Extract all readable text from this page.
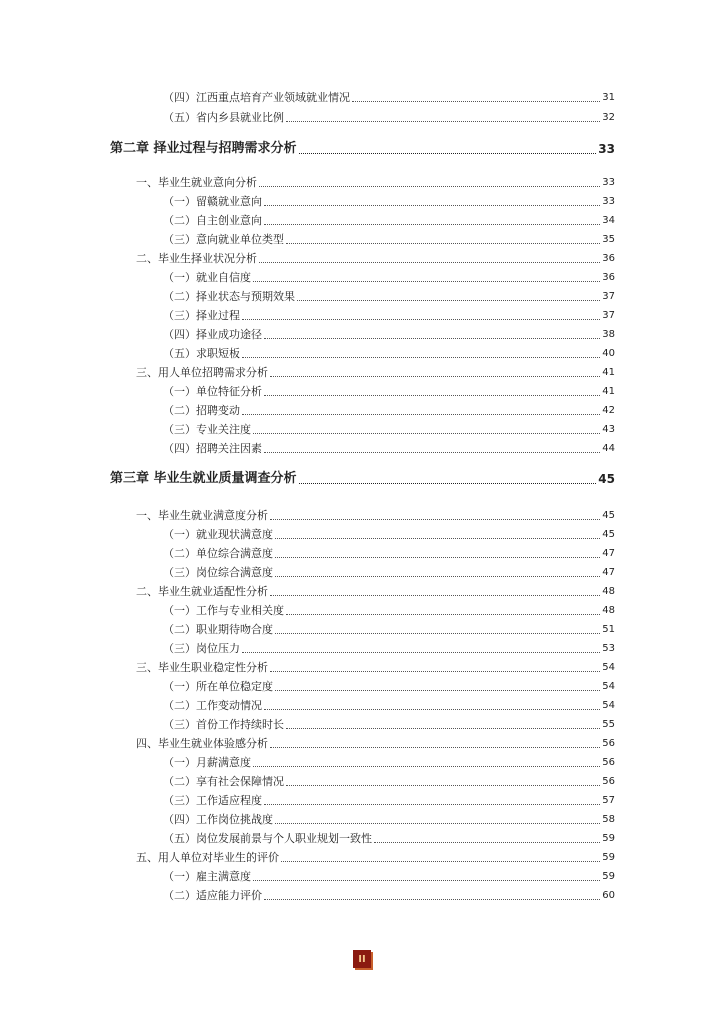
（四）江西重点培育产业领域就业情况	31
（五）省内乡县就业比例	32
第二章 择业过程与招聘需求分析	33
一、毕业生就业意向分析	33
（一）留赣就业意向	33
（二）自主创业意向	34
（三）意向就业单位类型	35
二、毕业生择业状况分析	36
（一）就业自信度	36
（二）择业状态与预期效果	37
（三）择业过程	37
（四）择业成功途径	38
（五）求职短板	40
三、用人单位招聘需求分析	41
（一）单位特征分析	41
（二）招聘变动	42
（三）专业关注度	43
（四）招聘关注因素	44
第三章 毕业生就业质量调查分析	45
一、毕业生就业满意度分析	45
（一）就业现状满意度	45
（二）单位综合满意度	47
（三）岗位综合满意度	47
二、毕业生就业适配性分析	48
（一）工作与专业相关度	48
（二）职业期待吻合度	51
（三）岗位压力	53
三、毕业生职业稳定性分析	54
（一）所在单位稳定度	54
（二）工作变动情况	54
（三）首份工作持续时长	55
四、毕业生就业体验感分析	56
（一）月薪满意度	56
（二）享有社会保障情况	56
（三）工作适应程度	57
（四）工作岗位挑战度	58
（五）岗位发展前景与个人职业规划一致性	59
五、用人单位对毕业生的评价	59
（一）雇主满意度	59
（二）适应能力评价	60
II
